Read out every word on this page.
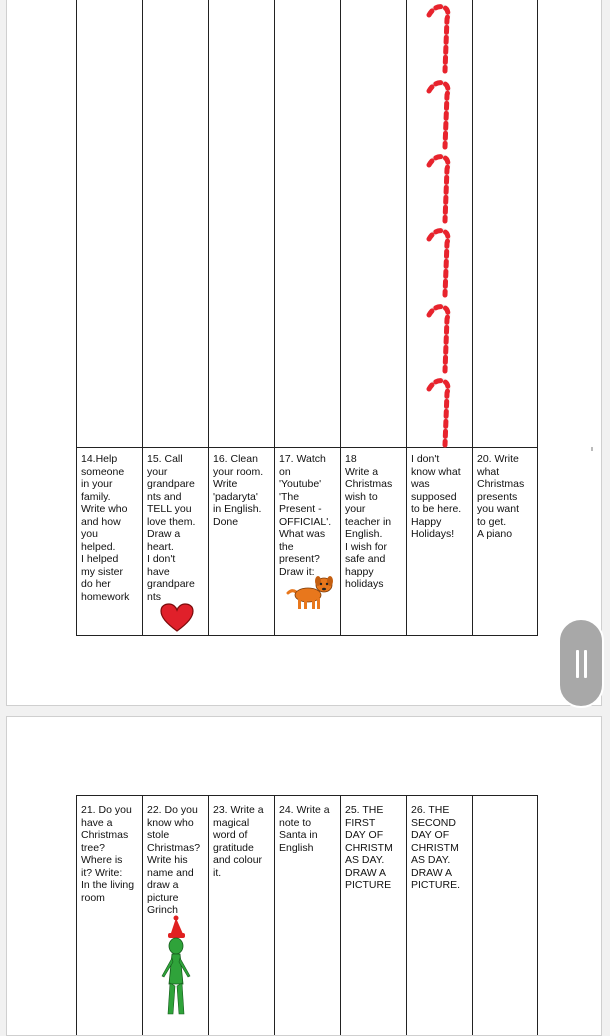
14.Help
someone
in your
family.
Write who
and how
you
helped.
I helped
my sister
do her
homework
15. Call
your
grandpare
nts and
TELL you
love them.
Draw a
heart.
I don't
have
grandpare
nts
16. Clean
your room.
Write
'padaryta'
in English.
Done
17. Watch
on
'Youtube'
'The
Present -
OFFICIAL'.
What was
the
present?
Draw it:
18
Write a
Christmas
wish to
your
teacher in
English.
I wish for
safe and
happy
holidays
I don't
know what
was
supposed
to be here.
Happy
Holidays!
20. Write
what
Christmas
presents
you want
to get.
A piano
21. Do you
have a
Christmas
tree?
Where is
it? Write:
In the living
room
22. Do you
know who
stole
Christmas?
Write his
name and
draw a
picture
Grinch
23. Write a
magical
word of
gratitude
and colour
it.
24. Write a
note to
Santa in
English
25. THE
FIRST
DAY OF
CHRISTM
AS DAY.
DRAW A
PICTURE
26. THE
SECOND
DAY OF
CHRISTM
AS DAY.
DRAW A
PICTURE.
